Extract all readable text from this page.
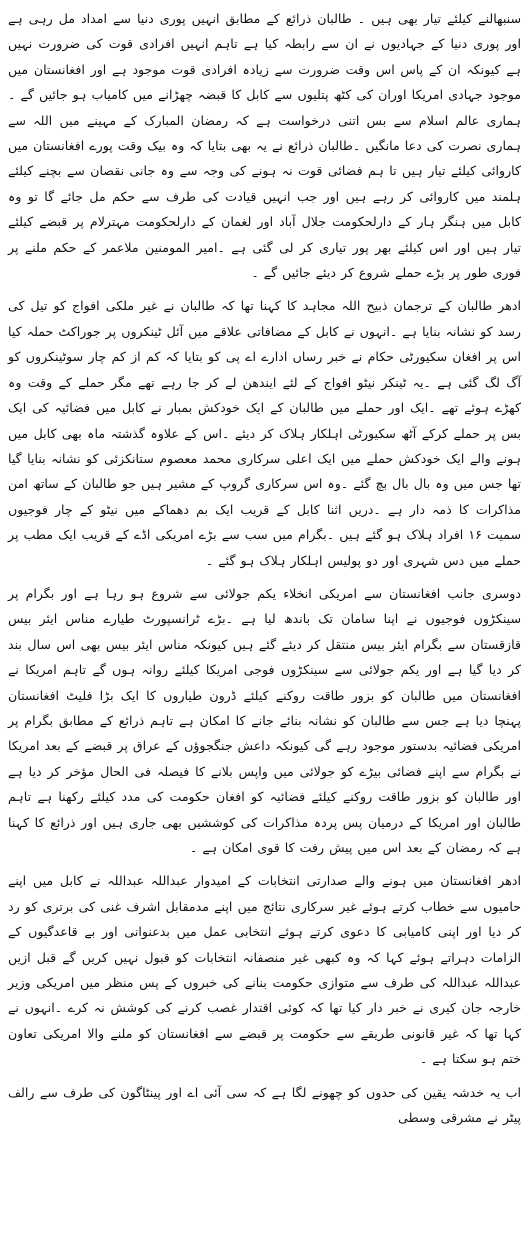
سنبھالنے کیلئے تیار بھی ہیں ۔ طالبان ذرائع کے مطابق انہیں پوری دنیا سے امداد مل رہی ہے اور پوری دنیا کے جہادیوں نے ان سے رابطہ کیا ہے تاہم انہیں افرادی قوت کی ضرورت نہیں ہے کیونکہ ان کے پاس اس وقت ضرورت سے زیادہ افرادی قوت موجود ہے اور افغانستان میں موجود جہادی امریکا اوران کی کٹھ پتلیوں سے کابل کا قبضہ چھڑانے میں کامیاب ہو جائیں گے ۔ہماری عالم اسلام سے بس اتنی درخواست ہے کہ رمضان المبارک کے مہینے میں اللہ سے ہماری نصرت کی دعا مانگیں ۔طالبان ذرائع نے یہ بھی بتایا کہ وہ بیک وقت پورے افغانستان میں کاروائی کیلئے تیار ہیں تا ہم فضائی قوت نہ ہونے کی وجہ سے وہ جانی نقصان سے بچنے کیلئے ہلمند میں کاروائی کر رہے ہیں اور جب انہیں قیادت کی طرف سے حکم مل جائے گا تو وہ کابل میں ہنگر ہار کے دارلحکومت جلال آباد اور لغمان کے دارلحکومت مہترلام پر قبضے کیلئے تیار ہیں اور اس کیلئے بھر پور تیاری کر لی گئی ہے ۔امیر المومنین ملاعمر کے حکم ملنے پر فوری طور پر بڑے حملے شروع کر دیئے جائیں گے ۔

ادھر طالبان کے ترجمان ذبیح اللہ مجاہد کا کہنا تھا کہ طالبان نے غیر ملکی افواج کو تیل کی رسد کو نشانہ بنایا ہے ۔انہوں نے کابل کے مضافاتی علاقے میں آئل ٹینکروں پر جوراکٹ حملہ کیا اس پر افغان سکیورٹی حکام نے خبر رساں ادارے اے پی کو بتایا کہ کم از کم چار سوٹینکروں کو آگ لگ گئی ہے ۔یہ ٹینکر نیٹو افواج کے لئے ایندھن لے کر جا رہے تھے مگر حملے کے وقت وہ کھڑے ہوئے تھے ۔ایک اور حملے میں طالبان کے ایک خودکش بمبار نے کابل میں فضائیہ کی ایک بس پر حملے کرکے آٹھ سکیورٹی اہلکار ہلاک کر دیئے ۔اس کے علاوہ گذشتہ ماہ بھی کابل میں ہونے والے ایک خودکش حملے میں ایک اعلی سرکاری محمد معصوم ستانکزئی کو نشانہ بنایا گیا تھا جس میں وہ بال بال بچ گئے ۔وہ اس سرکاری گروپ کے مشیر ہیں جو طالبان کے ساتھ امن مذاکرات کا ذمہ دار ہے ۔دریں اثنا کابل کے قریب ایک بم دھماکے میں نیٹو کے چار فوجیوں سمیت ۱۶ افراد ہلاک ہو گئے ہیں ۔بگرام میں سب سے بڑے امریکی اڈے کے قریب ایک مطب پر حملے میں دس شہری اور دو پولیس اہلکار ہلاک ہو گئے ۔

دوسری جانب افغانستان سے امریکی انخلاء یکم جولائی سے شروع ہو رہا ہے اور بگرام پر سینکڑوں فوجیوں نے اپنا سامان تک باندھ لیا ہے ۔بڑے ٹرانسپورٹ طیارے مناس ایئر بیس قازقستان سے بگرام ایئر بیس منتقل کر دیئے گئے ہیں کیونکہ مناس ایئر بیس بھی اس سال بند کر دیا گیا ہے اور یکم جولائی سے سینکڑوں فوجی امریکا کیلئے روانہ ہوں گے تاہم امریکا نے افغانستان میں طالبان کو بزور طاقت روکنے کیلئے ڈرون طیاروں کا ایک بڑا فلیٹ افغانستان پہنچا دیا ہے جس سے طالبان کو نشانہ بنائے جانے کا امکان ہے تاہم ذرائع کے مطابق بگرام پر امریکی فضائیہ بدستور موجود رہے گی کیونکہ داعش جنگجوؤں کے عراق پر قبضے کے بعد امریکا نے بگرام سے اپنے فضائی بیڑے کو جولائی میں واپس بلانے کا فیصلہ فی الحال مؤخر کر دیا ہے اور طالبان کو بزور طاقت روکنے کیلئے فضائیہ کو افغان حکومت کی مدد کیلئے رکھنا ہے تاہم طالبان اور امریکا کے درمیان پس پردہ مذاکرات کی کوششیں بھی جاری ہیں اور ذرائع کا کہنا ہے کہ رمضان کے بعد اس میں پیش رفت کا قوی امکان ہے ۔

ادھر افغانستان میں ہونے والے صدارتی انتخابات کے امیدوار عبداللہ عبداللہ نے کابل میں اپنے حامیوں سے خطاب کرتے ہوئے غیر سرکاری نتائج میں اپنے مدمقابل اشرف غنی کی برتری کو رد کر دیا اور اپنی کامیابی کا دعوی کرتے ہوئے انتخابی عمل میں بدعنوانی اور بے قاعدگیوں کے الزامات دہراتے ہوئے کہا کہ وہ کبھی غیر منصفانہ انتخابات کو قبول نہیں کریں گے قبل ازیں عبداللہ عبداللہ کی طرف سے متوازی حکومت بنانے کی خبروں کے پس منظر میں امریکی وزیر خارجہ جان کیری نے خبر دار کیا تھا کہ کوئی اقتدار غصب کرنے کی کوشش نہ کرے ۔انہوں نے کہا تھا کہ غیر قانونی طریقے سے حکومت پر قبضے سے افغانستان کو ملنے والا امریکی تعاون ختم ہو سکتا ہے ۔

اب یہ خدشہ یقین کی حدوں کو چھونے لگا ہے کہ سی آئی اے اور پینٹاگون کی طرف سے رالف پیٹر نے مشرقی وسطی
